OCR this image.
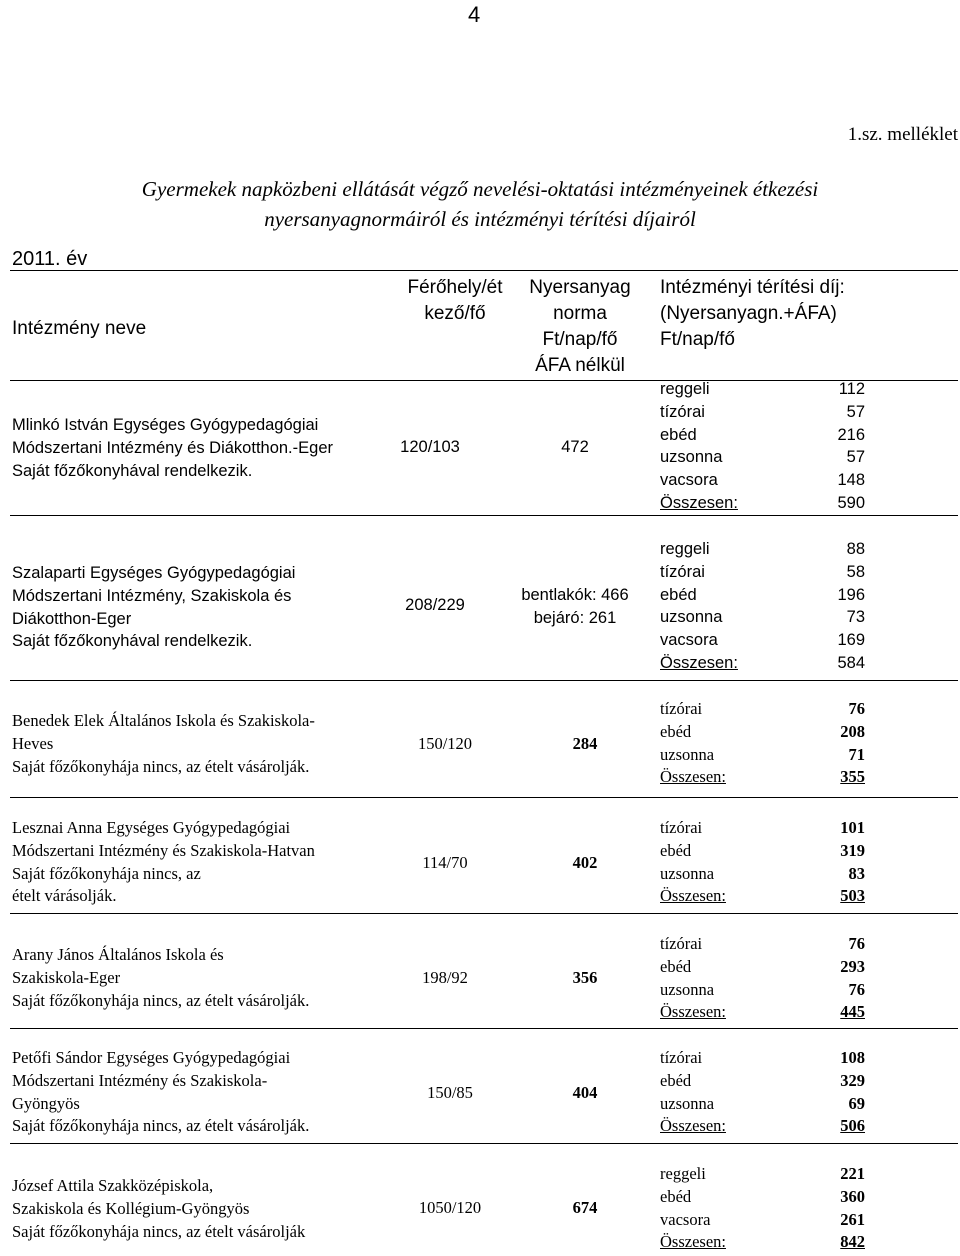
4
1.sz. melléklet
Gyermekek napközbeni ellátását végző nevelési-oktatási intézményeinek étkezési
nyersanyagnormáiról és intézményi térítési díjairól
2011. év
Intézmény neve
Férőhely/ét
kező/fő
Nyersanyag
norma
Ft/nap/fő
ÁFA nélkül
Intézményi térítési díj:
(Nyersanyagn.+ÁFA)
Ft/nap/fő
Mlinkó István Egységes Gyógypedagógiai
Módszertani Intézmény és Diákotthon.-Eger
Saját főzőkonyhával rendelkezik.
120/103	472
reggeli	112
tízórai	57
ebéd	216
uzsonna	57
vacsora	148
Összesen:	590
Szalaparti Egységes Gyógypedagógiai
Módszertani Intézmény, Szakiskola és
Diákotthon-Eger
Saját főzőkonyhával rendelkezik.
208/229
bentlakók: 466
bejáró: 261
reggeli	88
tízórai	58
ebéd	196
uzsonna	73
vacsora	169
Összesen:	584
Benedek Elek Általános Iskola és Szakiskola-
Heves
Saját főzőkonyhája nincs, az ételt vásárolják.
150/120	284
tízórai	76
ebéd	208
uzsonna	71
Összesen:	355
Lesznai Anna Egységes Gyógypedagógiai
Módszertani Intézmény és Szakiskola-Hatvan
Saját főzőkonyhája nincs, az
ételt várásolják.
114/70	402
tízórai	101
ebéd	319
uzsonna	83
Összesen:	503
Arany János Általános Iskola és
Szakiskola-Eger
Saját főzőkonyhája nincs, az ételt vásárolják.
198/92	356
tízórai	76
ebéd	293
uzsonna	76
Összesen:	445
Petőfi Sándor Egységes Gyógypedagógiai
Módszertani Intézmény és Szakiskola-
Gyöngyös
Saját főzőkonyhája nincs, az ételt vásárolják.
150/85	404
tízórai	108
ebéd	329
uzsonna	69
Összesen:	506
József Attila Szakközépiskola,
Szakiskola és Kollégium-Gyöngyös
Saját főzőkonyhája nincs, az ételt vásárolják
1050/120	674
reggeli	221
ebéd	360
vacsora	261
Összesen:	842
